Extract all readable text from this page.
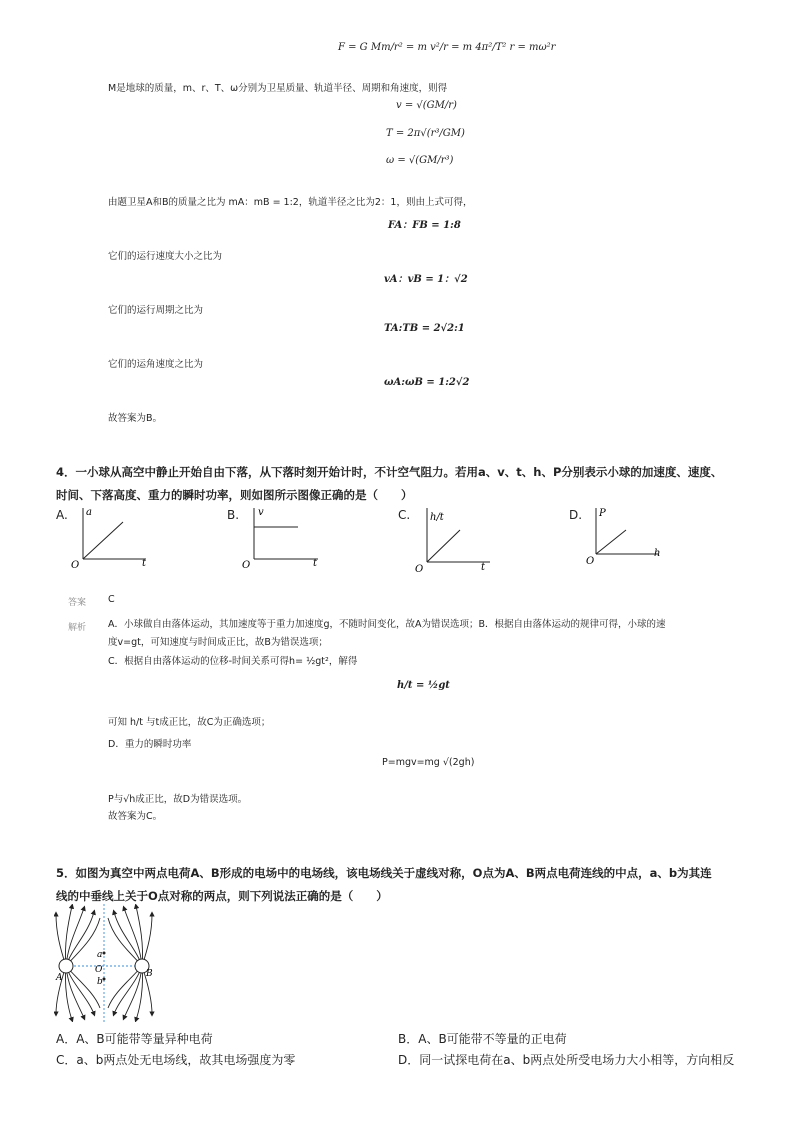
F = G Mm/r² = m v²/r = m 4π²/T² r = mω²r
M是地球的质量，m、r、T、ω分别为卫星质量、轨道半径、周期和角速度，则得
v = √(GM/r)
T = 2π√(r³/GM)
ω = √(GM/r³)
由题卫星A和B的质量之比为 mA：mB = 1:2，轨道半径之比为2：1，则由上式可得，
FA：FB = 1:8
它们的运行速度大小之比为
vA：vB = 1：√2
它们的运行周期之比为
TA:TB = 2√2:1
它们的运角速度之比为
ωA:ωB = 1:2√2
故答案为B。
4．一小球从高空中静止开始自由下落，从下落时刻开始计时，不计空气阻力。若用a、v、t、h、P分别表示小球的加速度、速度、
时间、下落高度、重力的瞬时功率，则如图所示图像正确的是（　　）
A.	B.	C.	D.
a
t
O
v
t
O
h/t
t
O
P
h
O
答案 C
解析 A．小球做自由落体运动，其加速度等于重力加速度g，不随时间变化，故A为错误选项；B．根据自由落体运动的规律可得，小球的速
度v=gt，可知速度与时间成正比，故B为错误选项；
C．根据自由落体运动的位移-时间关系可得h= ½gt²，解得
h/t = ½gt
可知 h/t 与t成正比，故C为正确选项；
D．重力的瞬时功率
P=mgv=mg √(2gh)
P与√h成正比，故D为错误选项。
故答案为C。
5．如图为真空中两点电荷A、B形成的电场中的电场线，该电场线关于虚线对称，O点为A、B两点电荷连线的中点，a、b为其连
线的中垂线上关于O点对称的两点，则下列说法正确的是（　　）
A	B
O
a
b
A．A、B可能带等量异种电荷	B．A、B可能带不等量的正电荷
C．a、b两点处无电场线，故其电场强度为零	D．同一试探电荷在a、b两点处所受电场力大小相等，方向相反
